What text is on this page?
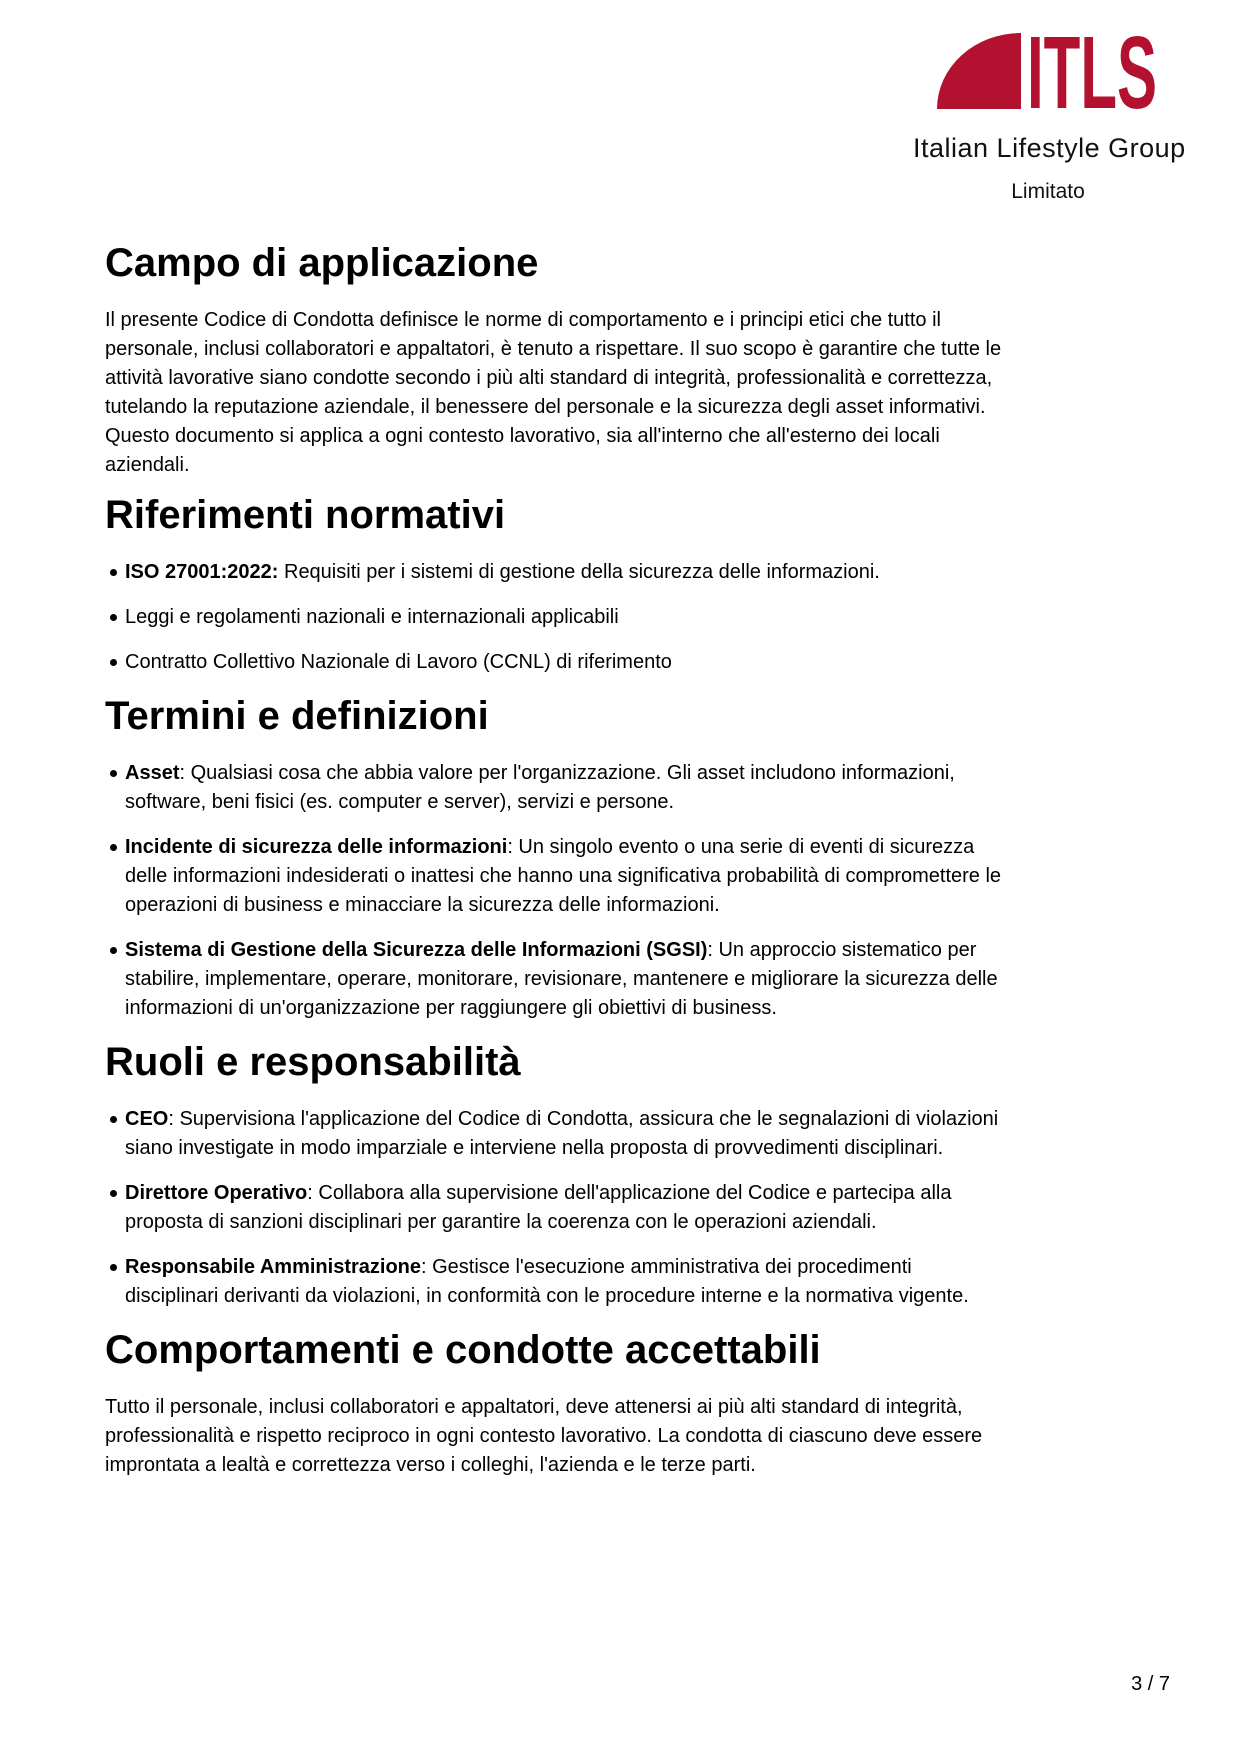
ITLS
Italian Lifestyle Group
Limitato
Campo di applicazione

Il presente Codice di Condotta definisce le norme di comportamento e i principi etici che tutto il personale, inclusi collaboratori e appaltatori, è tenuto a rispettare. Il suo scopo è garantire che tutte le attività lavorative siano condotte secondo i più alti standard di integrità, professionalità e correttezza, tutelando la reputazione aziendale, il benessere del personale e la sicurezza degli asset informativi. Questo documento si applica a ogni contesto lavorativo, sia all'interno che all'esterno dei locali aziendali.

Riferimenti normativi
ISO 27001:2022: Requisiti per i sistemi di gestione della sicurezza delle informazioni.
Leggi e regolamenti nazionali e internazionali applicabili
Contratto Collettivo Nazionale di Lavoro (CCNL) di riferimento
Termini e definizioni
Asset: Qualsiasi cosa che abbia valore per l'organizzazione. Gli asset includono informazioni, software, beni fisici (es. computer e server), servizi e persone.
Incidente di sicurezza delle informazioni: Un singolo evento o una serie di eventi di sicurezza delle informazioni indesiderati o inattesi che hanno una significativa probabilità di compromettere le operazioni di business e minacciare la sicurezza delle informazioni.
Sistema di Gestione della Sicurezza delle Informazioni (SGSI): Un approccio sistematico per stabilire, implementare, operare, monitorare, revisionare, mantenere e migliorare la sicurezza delle informazioni di un'organizzazione per raggiungere gli obiettivi di business.
Ruoli e responsabilità
CEO: Supervisiona l'applicazione del Codice di Condotta, assicura che le segnalazioni di violazioni siano investigate in modo imparziale e interviene nella proposta di provvedimenti disciplinari.
Direttore Operativo: Collabora alla supervisione dell'applicazione del Codice e partecipa alla proposta di sanzioni disciplinari per garantire la coerenza con le operazioni aziendali.
Responsabile Amministrazione: Gestisce l'esecuzione amministrativa dei procedimenti disciplinari derivanti da violazioni, in conformità con le procedure interne e la normativa vigente.
Comportamenti e condotte accettabili

Tutto il personale, inclusi collaboratori e appaltatori, deve attenersi ai più alti standard di integrità, professionalità e rispetto reciproco in ogni contesto lavorativo. La condotta di ciascuno deve essere improntata a lealtà e correttezza verso i colleghi, l'azienda e le terze parti.

3 / 7
